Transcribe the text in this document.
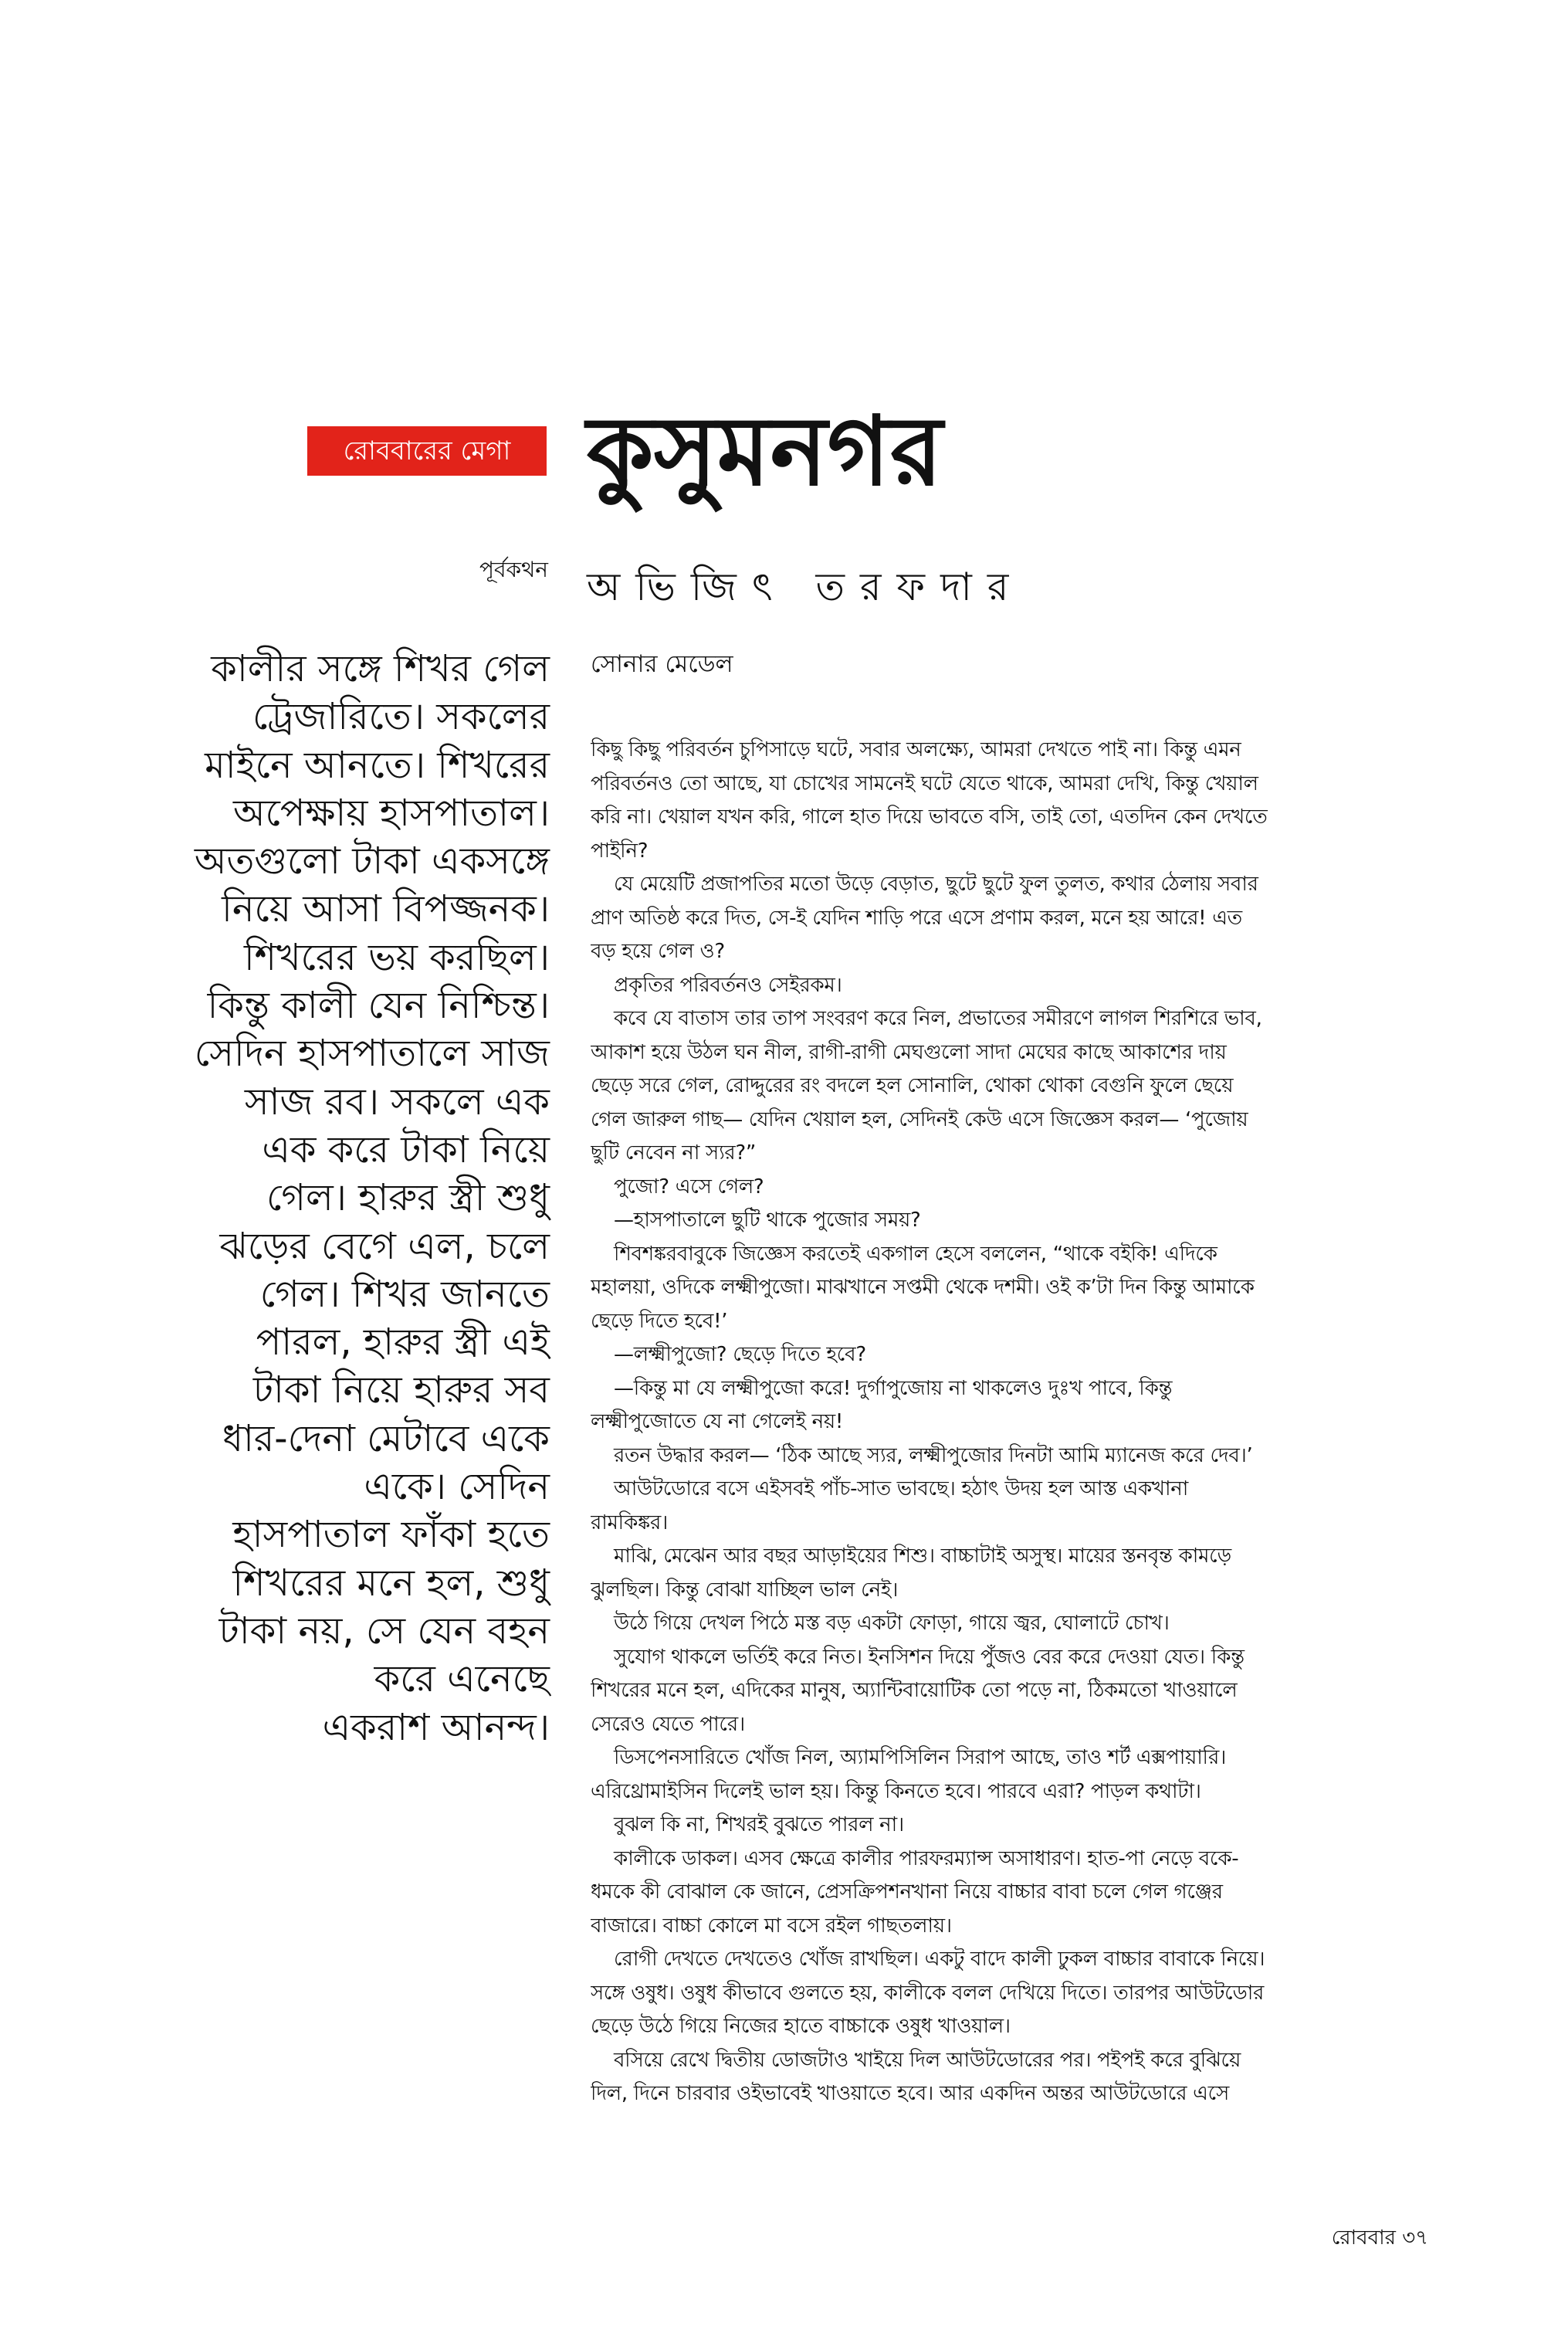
রোববারের মেগা কুসুমনগর
পূর্বকথন অভিজিৎ তরফদার
কালীর সঙ্গে শিখর গেল
ট্রেজারিতে। সকলের
মাইনে আনতে। শিখরের
অপেক্ষায় হাসপাতাল।
অতগুলো টাকা একসঙ্গে
নিয়ে আসা বিপজ্জনক।
শিখরের ভয় করছিল।
কিন্তু কালী যেন নিশ্চিন্ত।
সেদিন হাসপাতালে সাজ
সাজ রব। সকলে এক
এক করে টাকা নিয়ে
গেল। হারুর স্ত্রী শুধু
ঝড়ের বেগে এল, চলে
গেল। শিখর জানতে
পারল, হারুর স্ত্রী এই
টাকা নিয়ে হারুর সব
ধার-দেনা মেটাবে একে
একে। সেদিন
হাসপাতাল ফাঁকা হতে
শিখরের মনে হল, শুধু
টাকা নয়, সে যেন বহন
করে এনেছে
একরাশ আনন্দ।
সোনার মেডেল
কিছু কিছু পরিবর্তন চুপিসাড়ে ঘটে, সবার অলক্ষ্যে, আমরা দেখতে পাই না। কিন্তু এমন
পরিবর্তনও তো আছে, যা চোখের সামনেই ঘটে যেতে থাকে, আমরা দেখি, কিন্তু খেয়াল
করি না। খেয়াল যখন করি, গালে হাত দিয়ে ভাবতে বসি, তাই তো, এতদিন কেন দেখতে
পাইনি?
যে মেয়েটি প্রজাপতির মতো উড়ে বেড়াত, ছুটে ছুটে ফুল তুলত, কথার ঠেলায় সবার
প্রাণ অতিষ্ঠ করে দিত, সে-ই যেদিন শাড়ি পরে এসে প্রণাম করল, মনে হয় আরে! এত
বড় হয়ে গেল ও?
প্রকৃতির পরিবর্তনও সেইরকম।
কবে যে বাতাস তার তাপ সংবরণ করে নিল, প্রভাতের সমীরণে লাগল শিরশিরে ভাব,
আকাশ হয়ে উঠল ঘন নীল, রাগী-রাগী মেঘগুলো সাদা মেঘের কাছে আকাশের দায়
ছেড়ে সরে গেল, রোদ্দুরের রং বদলে হল সোনালি, থোকা থোকা বেগুনি ফুলে ছেয়ে
গেল জারুল গাছ— যেদিন খেয়াল হল, সেদিনই কেউ এসে জিজ্ঞেস করল— ‘পুজোয়
ছুটি নেবেন না স্যর?”
পুজো? এসে গেল?
—হাসপাতালে ছুটি থাকে পুজোর সময়?
শিবশঙ্করবাবুকে জিজ্ঞেস করতেই একগাল হেসে বললেন, “থাকে বইকি! এদিকে
মহালয়া, ওদিকে লক্ষ্মীপুজো। মাঝখানে সপ্তমী থেকে দশমী। ওই ক’টা দিন কিন্তু আমাকে
ছেড়ে দিতে হবে!’
—লক্ষ্মীপুজো? ছেড়ে দিতে হবে?
—কিন্তু মা যে লক্ষ্মীপুজো করে! দুর্গাপুজোয় না থাকলেও দুঃখ পাবে, কিন্তু
লক্ষ্মীপুজোতে যে না গেলেই নয়!
রতন উদ্ধার করল— ‘ঠিক আছে স্যর, লক্ষ্মীপুজোর দিনটা আমি ম্যানেজ করে দেব।’
আউটডোরে বসে এইসবই পাঁচ-সাত ভাবছে। হঠাৎ উদয় হল আস্ত একখানা
রামকিঙ্কর।
মাঝি, মেঝেন আর বছর আড়াইয়ের শিশু। বাচ্চাটাই অসুস্থ। মায়ের স্তনবৃন্ত কামড়ে
ঝুলছিল। কিন্তু বোঝা যাচ্ছিল ভাল নেই।
উঠে গিয়ে দেখল পিঠে মস্ত বড় একটা ফোড়া, গায়ে জ্বর, ঘোলাটে চোখ।
সুযোগ থাকলে ভর্তিই করে নিত। ইনসিশন দিয়ে পুঁজও বের করে দেওয়া যেত। কিন্তু
শিখরের মনে হল, এদিকের মানুষ, অ্যান্টিবায়োটিক তো পড়ে না, ঠিকমতো খাওয়ালে
সেরেও যেতে পারে।
ডিসপেনসারিতে খোঁজ নিল, অ্যামপিসিলিন সিরাপ আছে, তাও শর্ট এক্সপায়ারি।
এরিথ্রোমাইসিন দিলেই ভাল হয়। কিন্তু কিনতে হবে। পারবে এরা? পাড়ল কথাটা।
বুঝল কি না, শিখরই বুঝতে পারল না।
কালীকে ডাকল। এসব ক্ষেত্রে কালীর পারফরম্যান্স অসাধারণ। হাত-পা নেড়ে বকে-
ধমকে কী বোঝাল কে জানে, প্রেসক্রিপশনখানা নিয়ে বাচ্চার বাবা চলে গেল গঞ্জের
বাজারে। বাচ্চা কোলে মা বসে রইল গাছতলায়।
রোগী দেখতে দেখতেও খোঁজ রাখছিল। একটু বাদে কালী ঢুকল বাচ্চার বাবাকে নিয়ে।
সঙ্গে ওষুধ। ওষুধ কীভাবে গুলতে হয়, কালীকে বলল দেখিয়ে দিতে। তারপর আউটডোর
ছেড়ে উঠে গিয়ে নিজের হাতে বাচ্চাকে ওষুধ খাওয়াল।
বসিয়ে রেখে দ্বিতীয় ডোজটাও খাইয়ে দিল আউটডোরের পর। পইপই করে বুঝিয়ে
দিল, দিনে চারবার ওইভাবেই খাওয়াতে হবে। আর একদিন অন্তর আউটডোরে এসে
রোববার ৩৭
